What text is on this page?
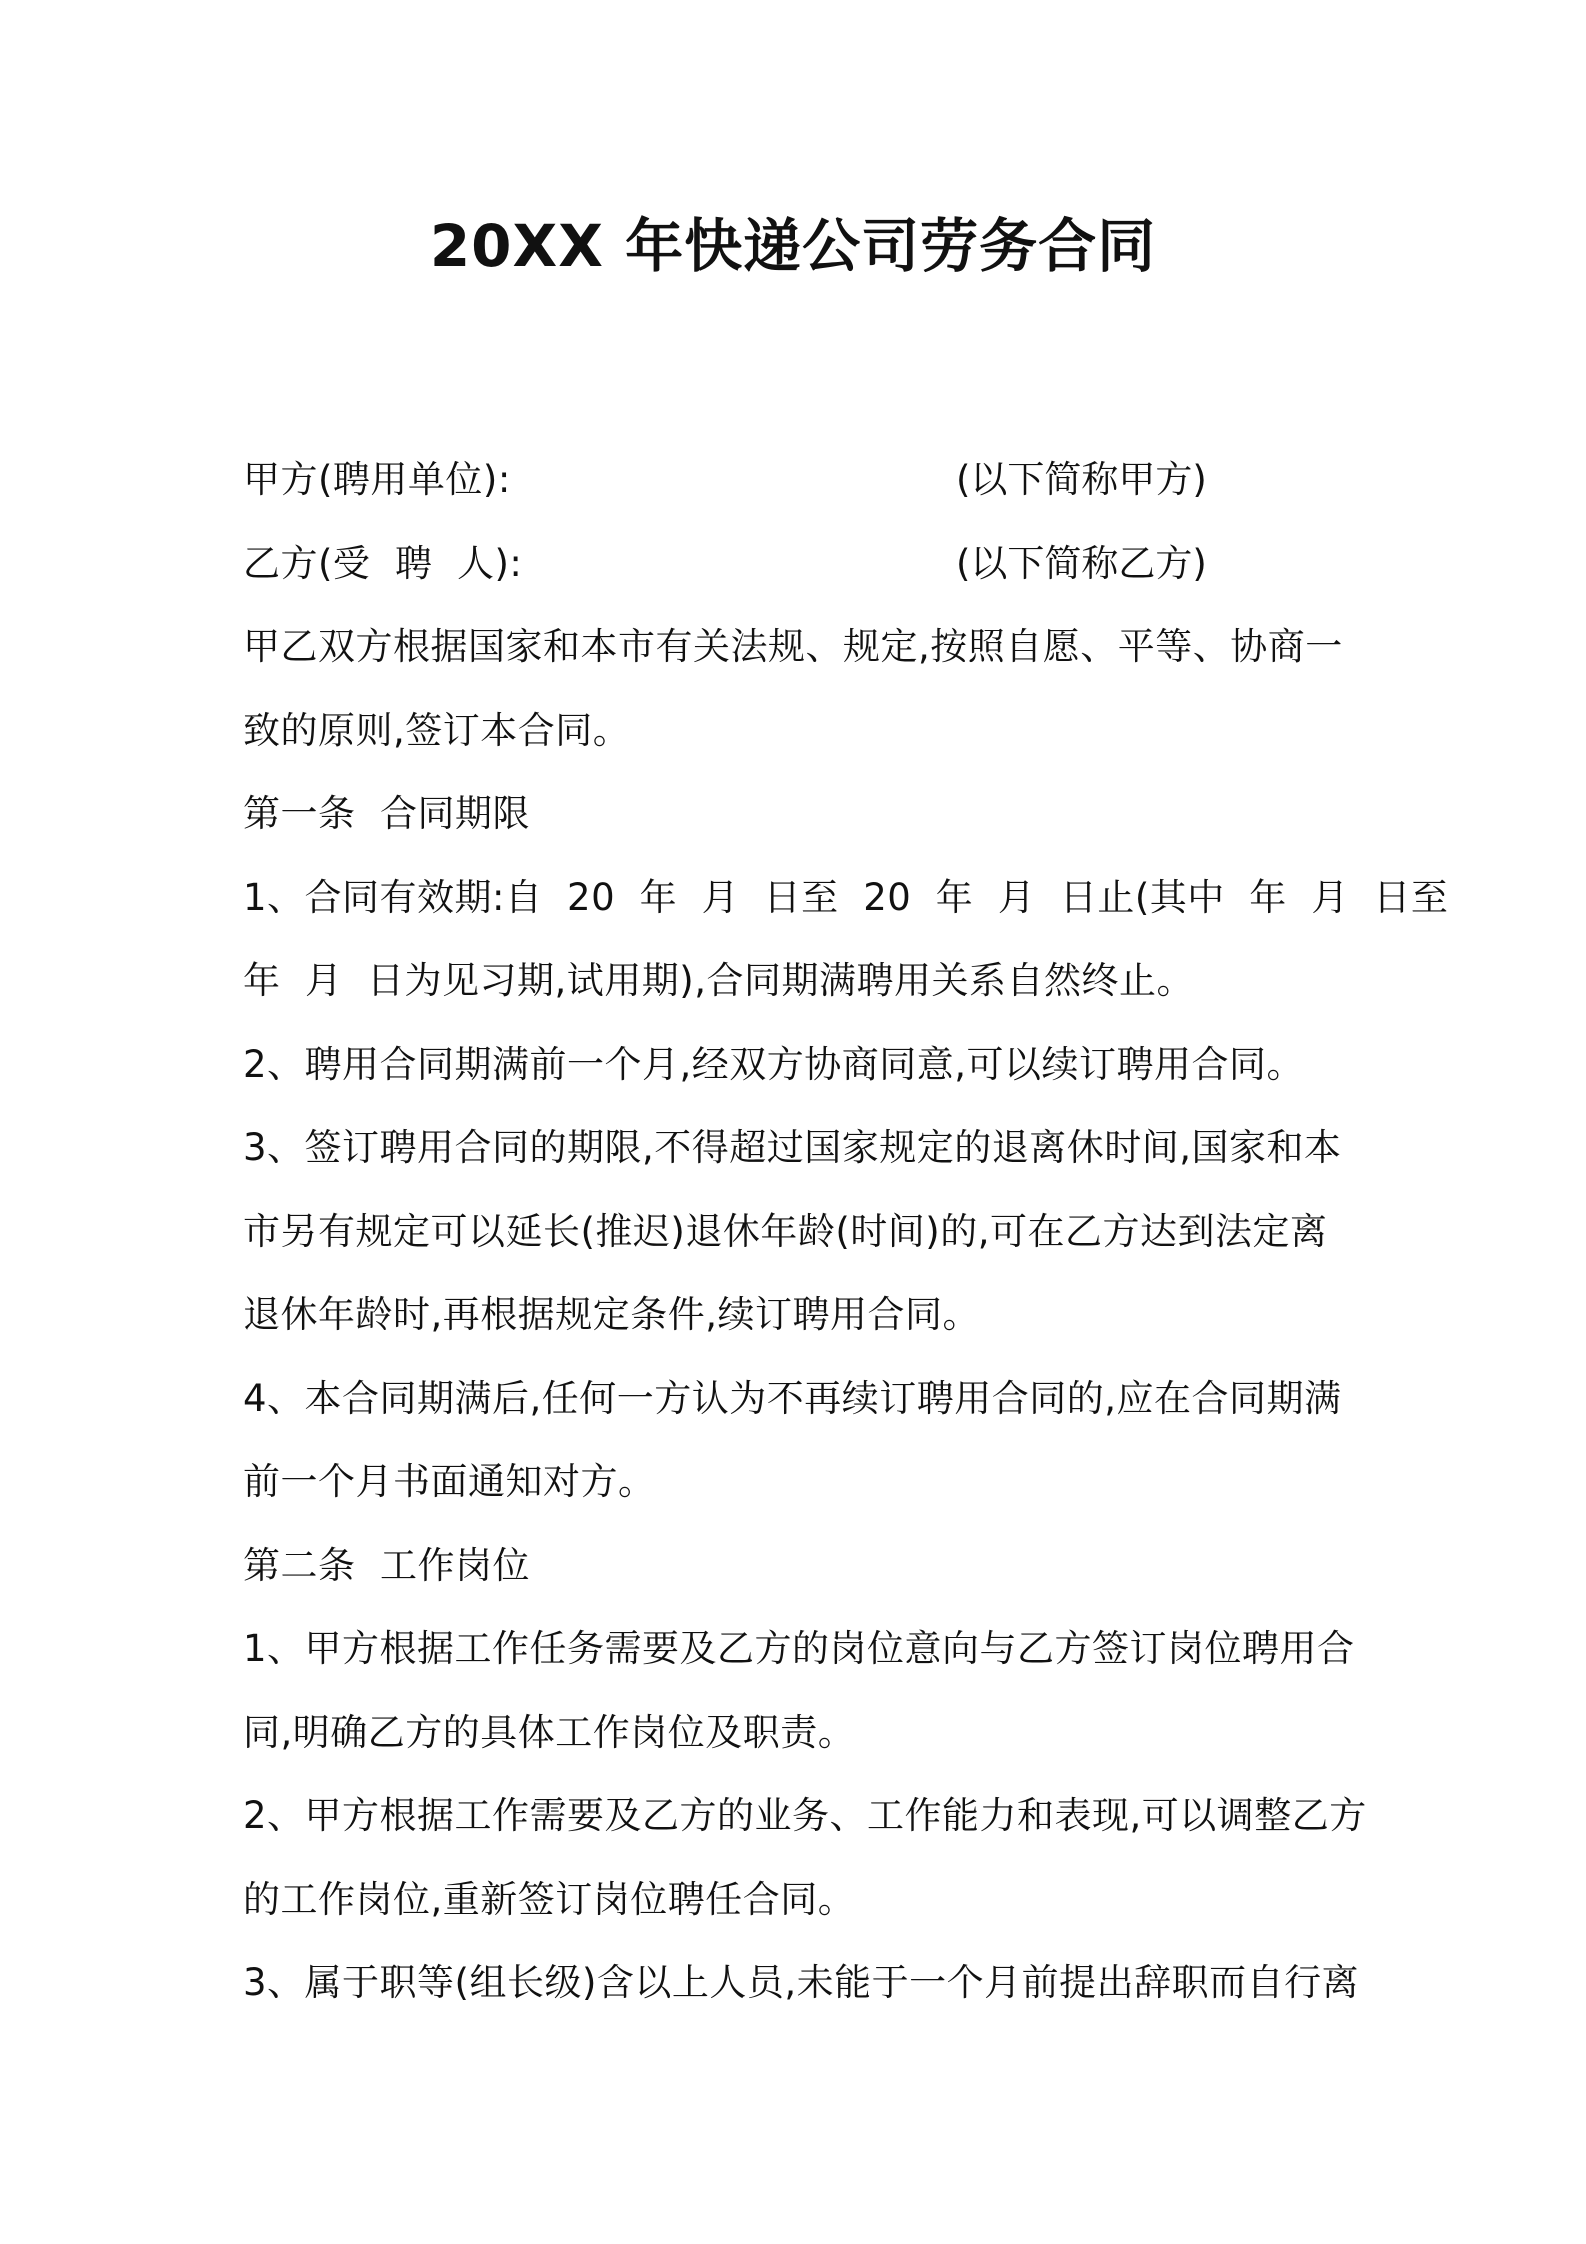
20XX 年快递公司劳务合同
甲方(聘用单位):	(以下简称甲方)
乙方(受  聘  人):	(以下简称乙方)
甲乙双方根据国家和本市有关法规、规定,按照自愿、平等、协商一
致的原则,签订本合同。
第一条  合同期限
1、合同有效期:自  20  年  月  日至  20  年  月  日止(其中  年  月  日至
年  月  日为见习期,试用期),合同期满聘用关系自然终止。
2、聘用合同期满前一个月,经双方协商同意,可以续订聘用合同。
3、签订聘用合同的期限,不得超过国家规定的退离休时间,国家和本
市另有规定可以延长(推迟)退休年龄(时间)的,可在乙方达到法定离
退休年龄时,再根据规定条件,续订聘用合同。
4、本合同期满后,任何一方认为不再续订聘用合同的,应在合同期满
前一个月书面通知对方。
第二条  工作岗位
1、甲方根据工作任务需要及乙方的岗位意向与乙方签订岗位聘用合
同,明确乙方的具体工作岗位及职责。
2、甲方根据工作需要及乙方的业务、工作能力和表现,可以调整乙方
的工作岗位,重新签订岗位聘任合同。
3、属于职等(组长级)含以上人员,未能于一个月前提出辞职而自行离
